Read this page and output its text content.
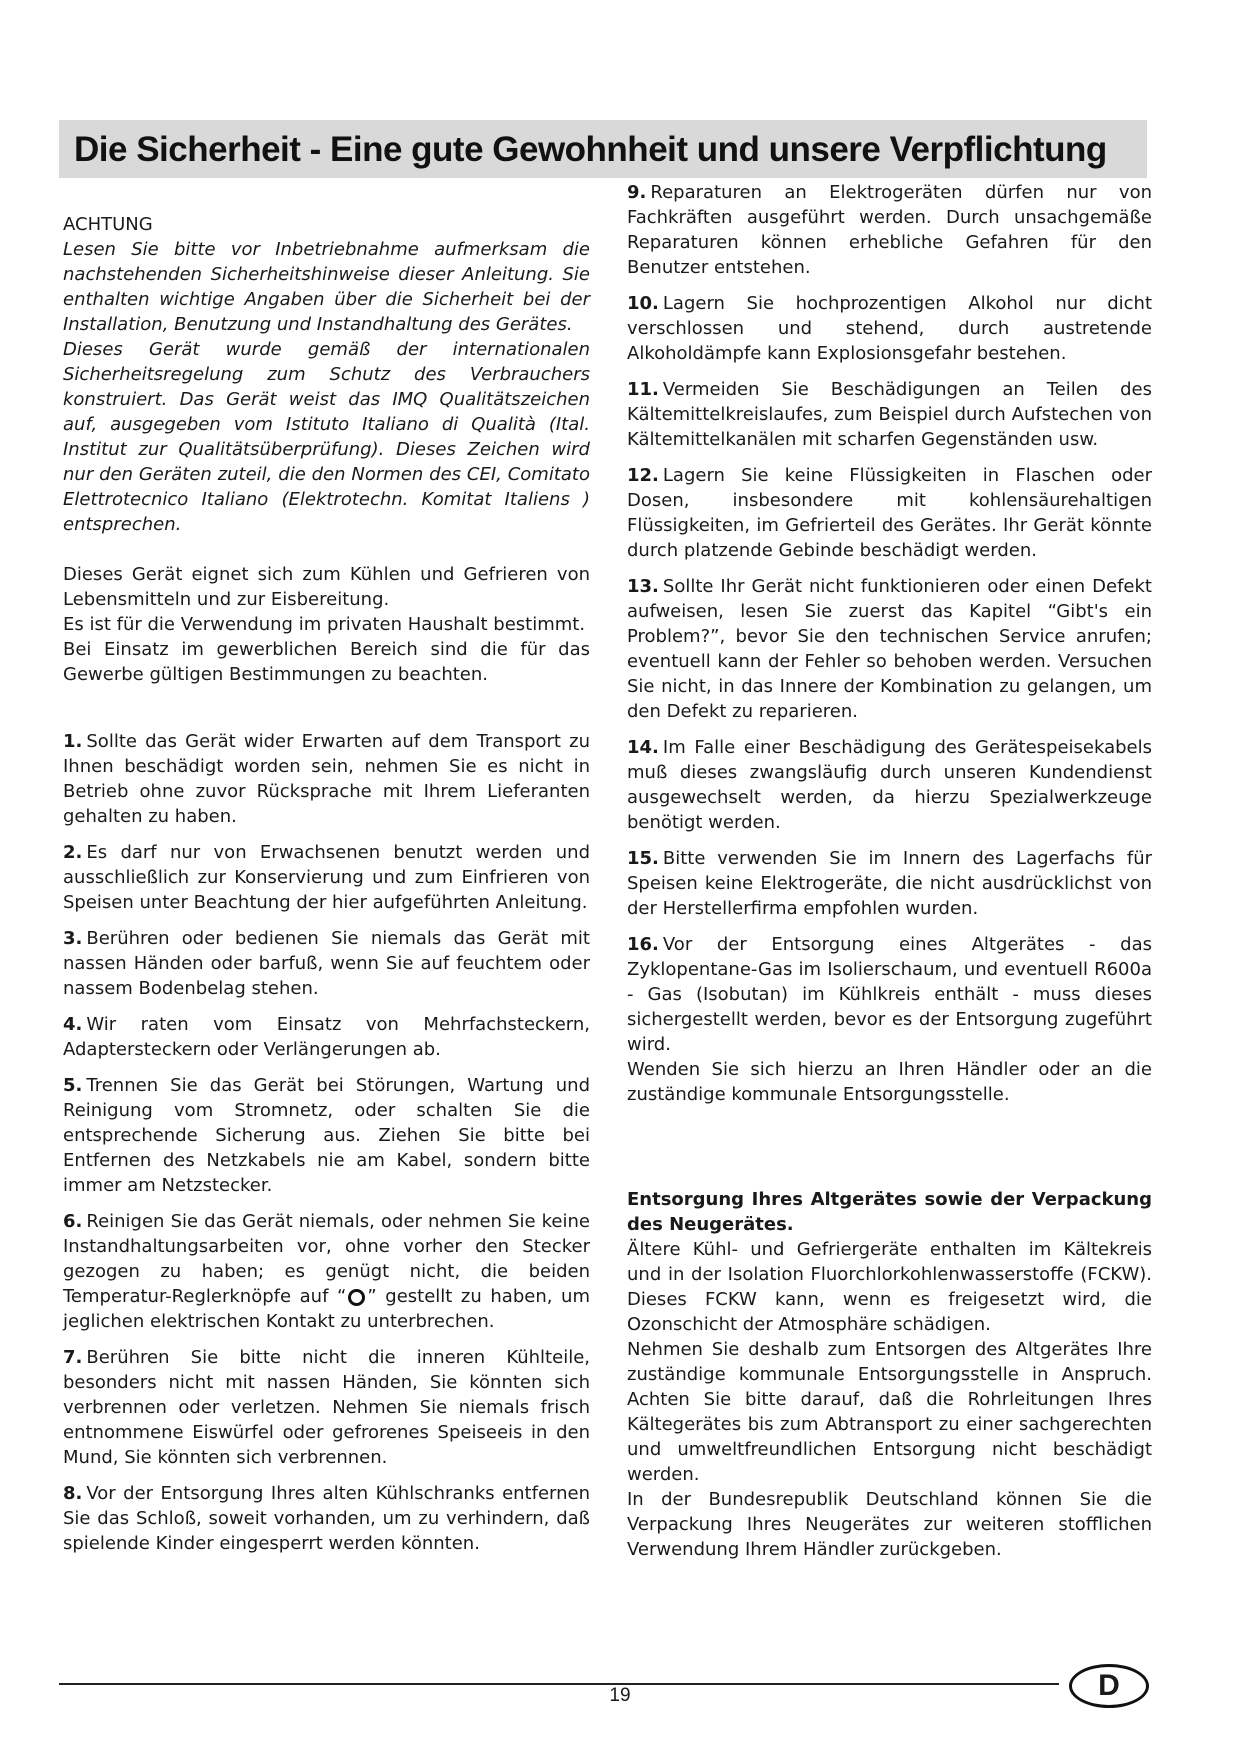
Die Sicherheit - Eine gute Gewohnheit und unsere Verpflichtung

ACHTUNG

Lesen Sie bitte vor Inbetriebnahme aufmerksam die nachstehenden Sicherheitshinweise dieser Anleitung. Sie enthalten wichtige Angaben über die Sicherheit bei der Installation, Benutzung und Instandhaltung des Gerätes.

Dieses Gerät wurde gemäß der internationalen Sicherheitsregelung zum Schutz des Verbrauchers konstruiert. Das Gerät weist das IMQ Qualitätszeichen auf, ausgegeben vom Istituto Italiano di Qualità (Ital. Institut zur Qualitätsüberprüfung). Dieses Zeichen wird nur den Geräten zuteil, die den Normen des CEI, Comitato Elettrotecnico Italiano (Elektrotechn. Komitat Italiens ) entsprechen.

Dieses Gerät eignet sich zum Kühlen und Gefrieren von Lebensmitteln und zur Eisbereitung.

Es ist für die Verwendung im privaten Haushalt bestimmt.

Bei Einsatz im gewerblichen Bereich sind die für das Gewerbe gültigen Bestimmungen zu beachten.

1. Sollte das Gerät wider Erwarten auf dem Transport zu Ihnen beschädigt worden sein, nehmen Sie es nicht in Betrieb ohne zuvor Rücksprache mit Ihrem Lieferanten gehalten zu haben.

2. Es darf nur von Erwachsenen benutzt werden und ausschließlich zur Konservierung und zum Einfrieren von Speisen unter Beachtung der hier aufgeführten Anleitung.

3. Berühren oder bedienen Sie niemals das Gerät mit nassen Händen oder barfuß, wenn Sie auf feuchtem oder nassem Bodenbelag stehen.

4. Wir raten vom Einsatz von Mehrfachsteckern, Adaptersteckern oder Verlängerungen ab.

5. Trennen Sie das Gerät bei Störungen, Wartung und Reinigung vom Stromnetz, oder schalten Sie die entsprechende Sicherung aus. Ziehen Sie bitte bei Entfernen des Netzkabels nie am Kabel, sondern bitte immer am Netzstecker.

6. Reinigen Sie das Gerät niemals, oder nehmen Sie keine Instandhaltungsarbeiten vor, ohne vorher den Stecker gezogen zu haben; es genügt nicht, die beiden Temperatur-Reglerknöpfe auf “ ” gestellt zu haben, um jeglichen elektrischen Kontakt zu unterbrechen.

7. Berühren Sie bitte nicht die inneren Kühlteile, besonders nicht mit nassen Händen, Sie könnten sich verbrennen oder verletzen. Nehmen Sie niemals frisch entnommene Eiswürfel oder gefrorenes Speiseeis in den Mund, Sie könnten sich verbrennen.

8. Vor der Entsorgung Ihres alten Kühlschranks entfernen Sie das Schloß, soweit vorhanden, um zu verhindern, daß spielende Kinder eingesperrt werden könnten.

9. Reparaturen an Elektrogeräten dürfen nur von Fachkräften ausgeführt werden. Durch unsachgemäße Reparaturen können erhebliche Gefahren für den Benutzer entstehen.

10. Lagern Sie hochprozentigen Alkohol nur dicht verschlossen und stehend, durch austretende Alkoholdämpfe kann Explosionsgefahr bestehen.

11. Vermeiden Sie Beschädigungen an Teilen des Kältemittelkreislaufes, zum Beispiel durch Aufstechen von Kältemittelkanälen mit scharfen Gegenständen usw.

12. Lagern Sie keine Flüssigkeiten in Flaschen oder Dosen, insbesondere mit kohlensäurehaltigen Flüssigkeiten, im Gefrierteil des Gerätes. Ihr Gerät könnte durch platzende Gebinde beschädigt werden.

13. Sollte Ihr Gerät nicht funktionieren oder einen Defekt aufweisen, lesen Sie zuerst das Kapitel “Gibt's ein Problem?”, bevor Sie den technischen Service anrufen; eventuell kann der Fehler so behoben werden. Versuchen Sie nicht, in das Innere der Kombination zu gelangen, um den Defekt zu reparieren.

14. Im Falle einer Beschädigung des Gerätespeisekabels muß dieses zwangsläufig durch unseren Kundendienst ausgewechselt werden, da hierzu Spezialwerkzeuge benötigt werden.

15. Bitte verwenden Sie im Innern des Lagerfachs für Speisen keine Elektrogeräte, die nicht ausdrücklichst von der Herstellerfirma empfohlen wurden.

16. Vor der Entsorgung eines Altgerätes - das Zyklopentane-Gas im Isolierschaum, und eventuell R600a - Gas (Isobutan) im Kühlkreis enthält - muss dieses sichergestellt werden, bevor es der Entsorgung zugeführt wird.

Wenden Sie sich hierzu an Ihren Händler oder an die zuständige kommunale Entsorgungsstelle.

Entsorgung Ihres Altgerätes sowie der Verpackung des Neugerätes.

Ältere Kühl- und Gefriergeräte enthalten im Kältekreis und in der Isolation Fluorchlorkohlenwasserstoffe (FCKW). Dieses FCKW kann, wenn es freigesetzt wird, die Ozonschicht der Atmosphäre schädigen.

Nehmen Sie deshalb zum Entsorgen des Altgerätes Ihre zuständige kommunale Entsorgungsstelle in Anspruch. Achten Sie bitte darauf, daß die Rohrleitungen Ihres Kältegerätes bis zum Abtransport zu einer sachgerechten und umweltfreundlichen Entsorgung nicht beschädigt werden.

In der Bundesrepublik Deutschland können Sie die Verpackung Ihres Neugerätes zur weiteren stofflichen Verwendung Ihrem Händler zurückgeben.

19	D
